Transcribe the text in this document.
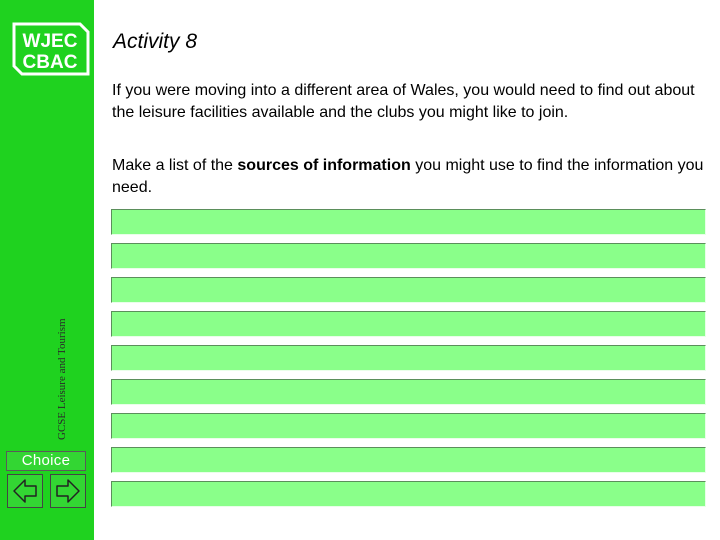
WJEC
CBAC
GCSE Leisure and Tourism
Choice
Activity 8

If you were moving into a different area of Wales, you would need to find out about the leisure facilities available and the clubs you might like to join.

Make a list of the sources of information you might use to find the information you need.
